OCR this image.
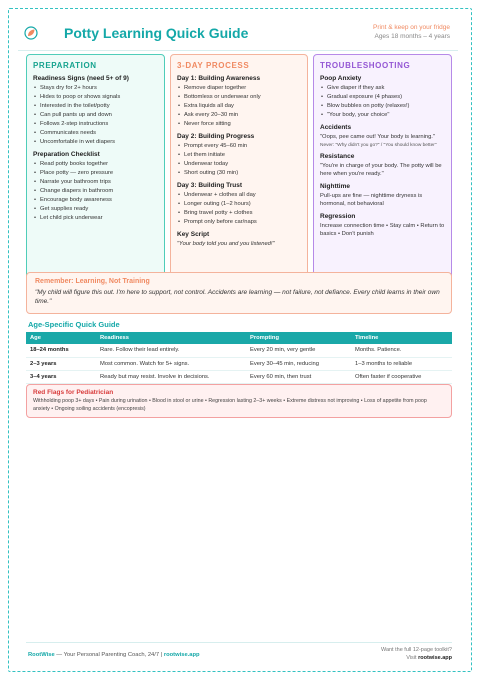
Potty Learning Quick Guide	Print & keep on your fridge
Ages 18 months – 4 years
PREPARATION
Readiness Signs (need 5+ of 9)
• Stays dry for 2+ hours
• Hides to poop or shows signals
• Interested in the toilet/potty
• Can pull pants up and down
• Follows 2-step instructions
• Communicates needs
• Uncomfortable in wet diapers
Preparation Checklist
• Read potty books together
• Place potty — zero pressure
• Narrate your bathroom trips
• Change diapers in bathroom
• Encourage body awareness
• Get supplies ready
• Let child pick underwear
3-DAY PROCESS
Day 1: Building Awareness
• Remove diaper together
• Bottomless or underwear only
• Extra liquids all day
• Ask every 20–30 min
• Never force sitting
Day 2: Building Progress
• Prompt every 45–60 min
• Let them initiate
• Underwear today
• Short outing (30 min)
Day 3: Building Trust
• Underwear + clothes all day
• Longer outing (1–2 hours)
• Bring travel potty + clothes
• Prompt only before car/naps
Key Script
"Your body told you and you listened!"
TROUBLESHOOTING
Poop Anxiety
• Give diaper if they ask
• Gradual exposure (4 phases)
• Blow bubbles on potty (relaxes!)
• "Your body, your choice"
Accidents
"Oops, pee came out! Your body is learning."
Never: "Why didn't you go?" / "You should know better"
Resistance
"You're in charge of your body. The potty will be here when you're ready."
Nighttime
Pull-ups are fine — nighttime dryness is hormonal, not behavioral
Regression
Increase connection time • Stay calm • Return to basics • Don't punish
Remember: Learning, Not Training
"My child will figure this out. I'm here to support, not control. Accidents are learning — not failure, not defiance. Every child learns in their own time."
Age-Specific Quick Guide
Age	Readiness	Prompting	Timeline
18–24 months	Rare. Follow their lead entirely.	Every 20 min, very gentle	Months. Patience.
2–3 years	Most common. Watch for 5+ signs.	Every 30–45 min, reducing	1–3 months to reliable
3–4 years	Ready but may resist. Involve in decisions.	Every 60 min, then trust	Often faster if cooperative
Red Flags for Pediatrician
Withholding poop 3+ days • Pain during urination • Blood in stool or urine • Regression lasting 2–3+ weeks • Extreme distress not improving • Loss of appetite from poop anxiety • Ongoing soiling accidents (encopresis)
RootWise — Your Personal Parenting Coach, 24/7 | rootwise.app
Want the full 12-page toolkit?
Visit rootwise.app
